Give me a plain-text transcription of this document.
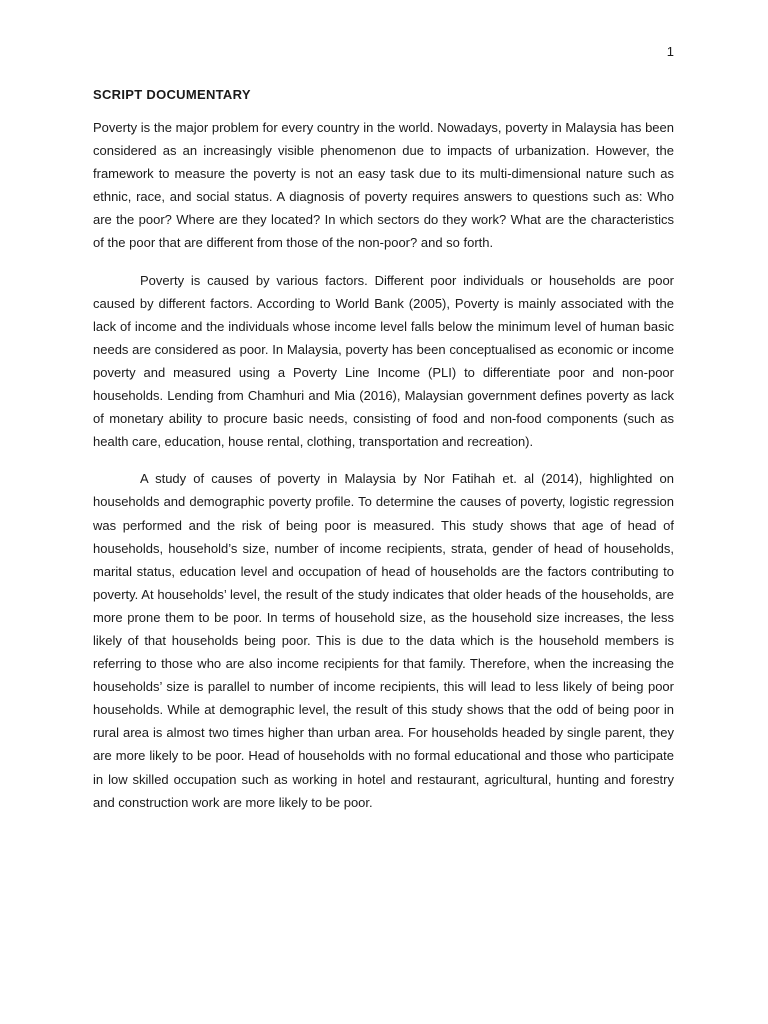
1
SCRIPT DOCUMENTARY

Poverty is the major problem for every country in the world. Nowadays, poverty in Malaysia has been considered as an increasingly visible phenomenon due to impacts of urbanization. However, the framework to measure the poverty is not an easy task due to its multi-dimensional nature such as ethnic, race, and social status. A diagnosis of poverty requires answers to questions such as: Who are the poor? Where are they located? In which sectors do they work? What are the characteristics of the poor that are different from those of the non-poor? and so forth.

Poverty is caused by various factors. Different poor individuals or households are poor caused by different factors. According to World Bank (2005), Poverty is mainly associated with the lack of income and the individuals whose income level falls below the minimum level of human basic needs are considered as poor. In Malaysia, poverty has been conceptualised as economic or income poverty and measured using a Poverty Line Income (PLI) to differentiate poor and non-poor households. Lending from Chamhuri and Mia (2016), Malaysian government defines poverty as lack of monetary ability to procure basic needs, consisting of food and non-food components (such as health care, education, house rental, clothing, transportation and recreation).

A study of causes of poverty in Malaysia by Nor Fatihah et. al (2014), highlighted on households and demographic poverty profile. To determine the causes of poverty, logistic regression was performed and the risk of being poor is measured. This study shows that age of head of households, household’s size, number of income recipients, strata, gender of head of households, marital status, education level and occupation of head of households are the factors contributing to poverty. At households’ level, the result of the study indicates that older heads of the households, are more prone them to be poor. In terms of household size, as the household size increases, the less likely of that households being poor. This is due to the data which is the household members is referring to those who are also income recipients for that family. Therefore, when the increasing the households’ size is parallel to number of income recipients, this will lead to less likely of being poor households. While at demographic level, the result of this study shows that the odd of being poor in rural area is almost two times higher than urban area. For households headed by single parent, they are more likely to be poor. Head of households with no formal educational and those who participate in low skilled occupation such as working in hotel and restaurant, agricultural, hunting and forestry and construction work are more likely to be poor.
